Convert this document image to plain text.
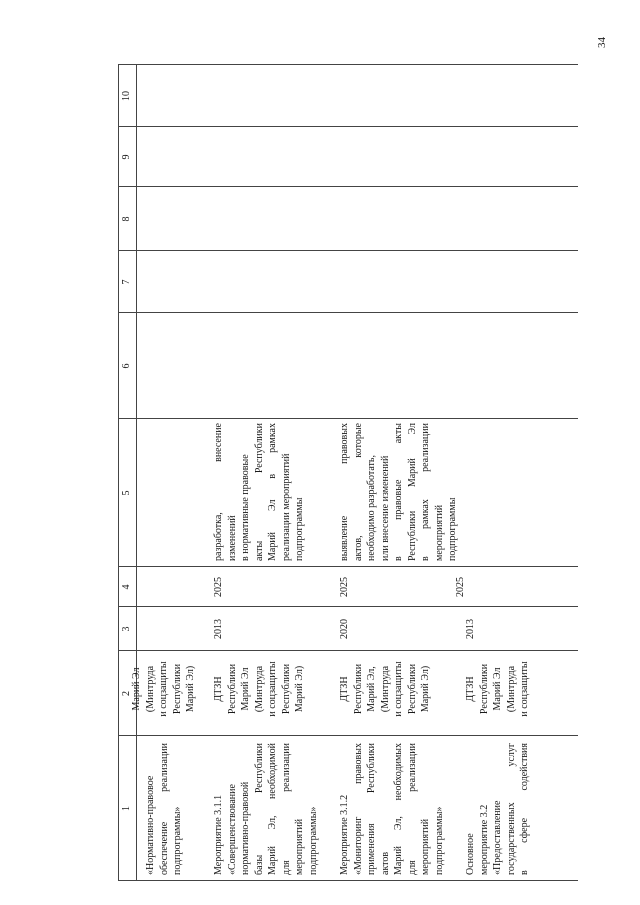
34
1
2
3
4
5
6
7
8
9
10
«Нормативно-правовое обеспечение реализации подпрограммы»
Марий Эл (Минтруда и соцзащиты Республики Марий Эл)
Мероприятие 3.1.1 «Совершенствование нормативно-правовой базы Республики Марий Эл, необходимой для реализации мероприятий подпрограммы»
ДТЗН Республики Марий Эл (Минтруда и соцзащиты Республики Марий Эл)
2013
2025
разработка, внесение изменений в нормативные правовые акты Республики Марий Эл в рамках реализации мероприятий подпрограммы
Мероприятие 3.1.2 «Мониторинг правовых применения Республики актов Марий Эл, необходимых для реализации мероприятий подпрограммы»
ДТЗН Республики Марий Эл, (Минтруда и соцзащиты Республики Марий Эл)
2020
2025
выявление правовых актов, которые необходимо разработать, или внесение изменений в правовые акты Республики Марий Эл в рамках реализации мероприятий подпрограммы
Основное мероприятие 3.2 «Предоставление государственных услуг в сфере содействия
ДТЗН Республики Марий Эл (Минтруда и соцзащиты
2013
2025
